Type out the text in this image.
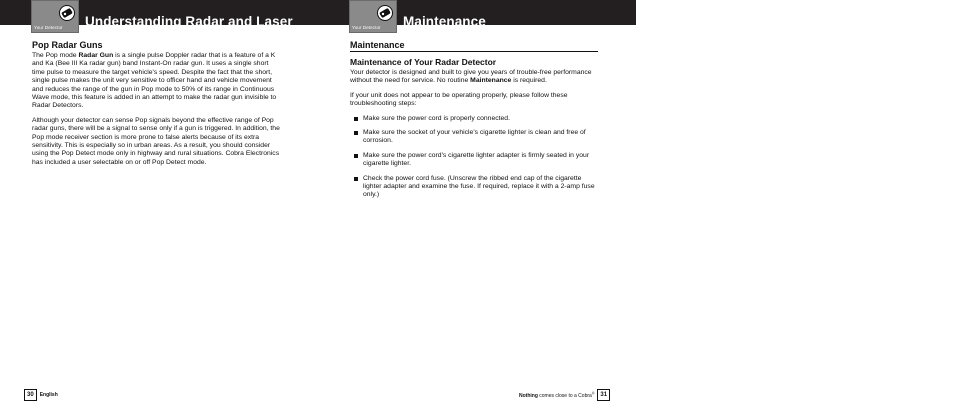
Understanding Radar and Laser
Your Detector
Pop Radar Guns

The Pop mode Radar Gun is a single pulse Doppler radar that is a feature of a K and Ka (Bee III Ka radar gun) band Instant-On radar gun. It uses a single short time pulse to measure the target vehicle's speed. Despite the fact that the short, single pulse makes the unit very sensitive to officer hand and vehicle movement and reduces the range of the gun in Pop mode to 50% of its range in Continuous Wave mode, this feature is added in an attempt to make the radar gun invisible to Radar Detectors.

Although your detector can sense Pop signals beyond the effective range of Pop radar guns, there will be a signal to sense only if a gun is triggered. In addition, the Pop mode receiver section is more prone to false alerts because of its extra sensitivity. This is especially so in urban areas. As a result, you should consider using the Pop Detect mode only in highway and rural situations. Cobra Electronics has included a user selectable on or off Pop Detect mode.

30 English
Maintenance
Your Detector
Maintenance
Maintenance of Your Radar Detector

Your detector is designed and built to give you years of trouble-free performance without the need for service. No routine Maintenance is required.

If your unit does not appear to be operating properly, please follow these troubleshooting steps:

Make sure the power cord is properly connected.
Make sure the socket of your vehicle's cigarette lighter is clean and free of corrosion.
Make sure the power cord's cigarette lighter adapter is firmly seated in your cigarette lighter.
Check the power cord fuse. (Unscrew the ribbed end cap of the cigarette lighter adapter and examine the fuse. If required, replace it with a 2-amp fuse only.)
Nothing comes close to a Cobra® 31
